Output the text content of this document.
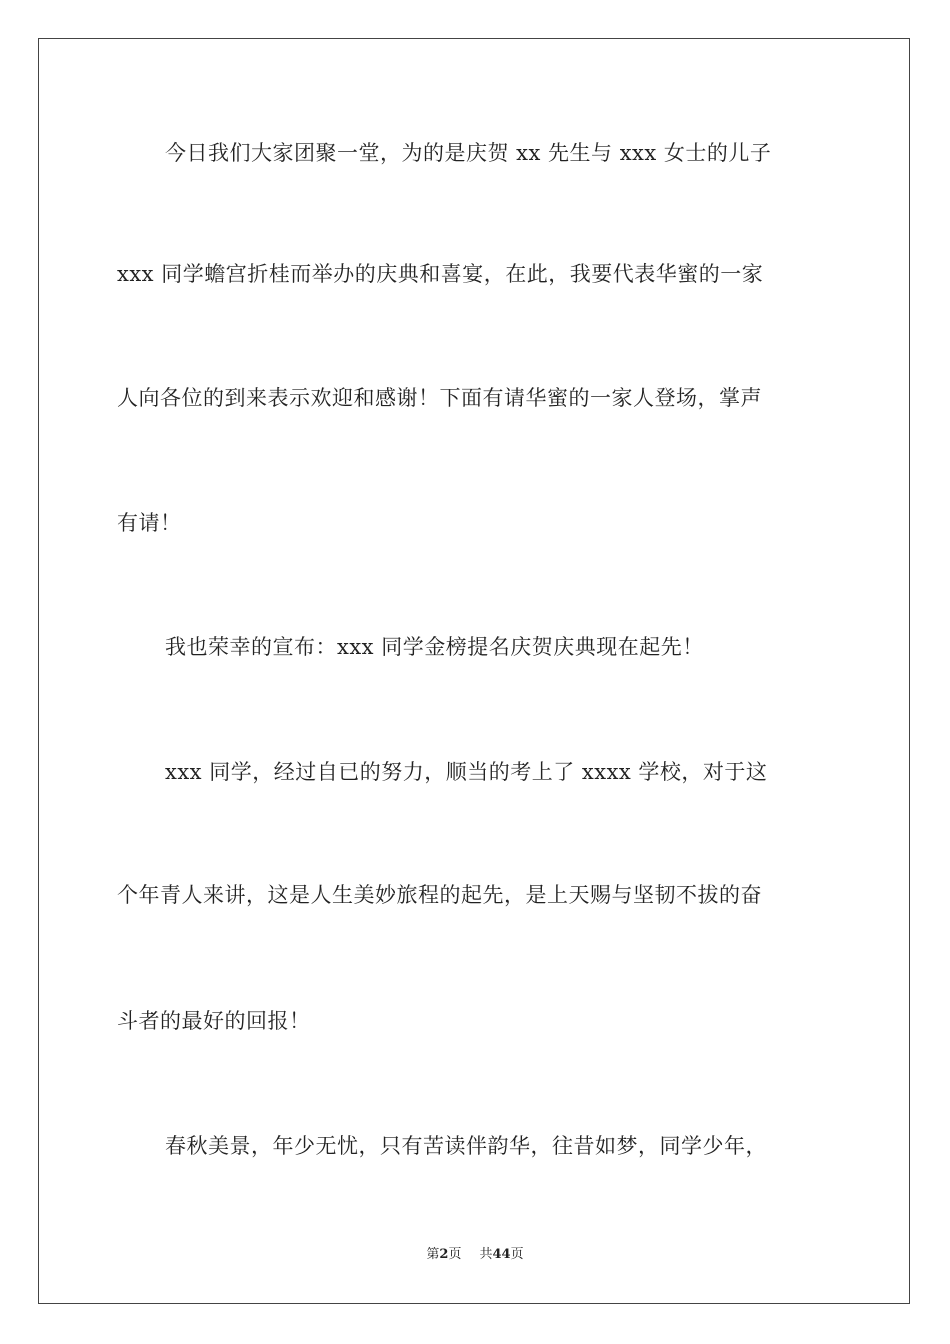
今日我们大家团聚一堂，为的是庆贺 xx 先生与 xxx 女士的儿子
xxx 同学蟾宫折桂而举办的庆典和喜宴，在此，我要代表华蜜的一家
人向各位的到来表示欢迎和感谢！下面有请华蜜的一家人登场，掌声
有请！
我也荣幸的宣布：xxx 同学金榜提名庆贺庆典现在起先！
xxx 同学，经过自已的努力，顺当的考上了 xxxx 学校，对于这
个年青人来讲，这是人生美妙旅程的起先，是上天赐与坚韧不拔的奋
斗者的最好的回报！
春秋美景，年少无忧，只有苦读伴韵华，往昔如梦，同学少年，
第2页 共44页
